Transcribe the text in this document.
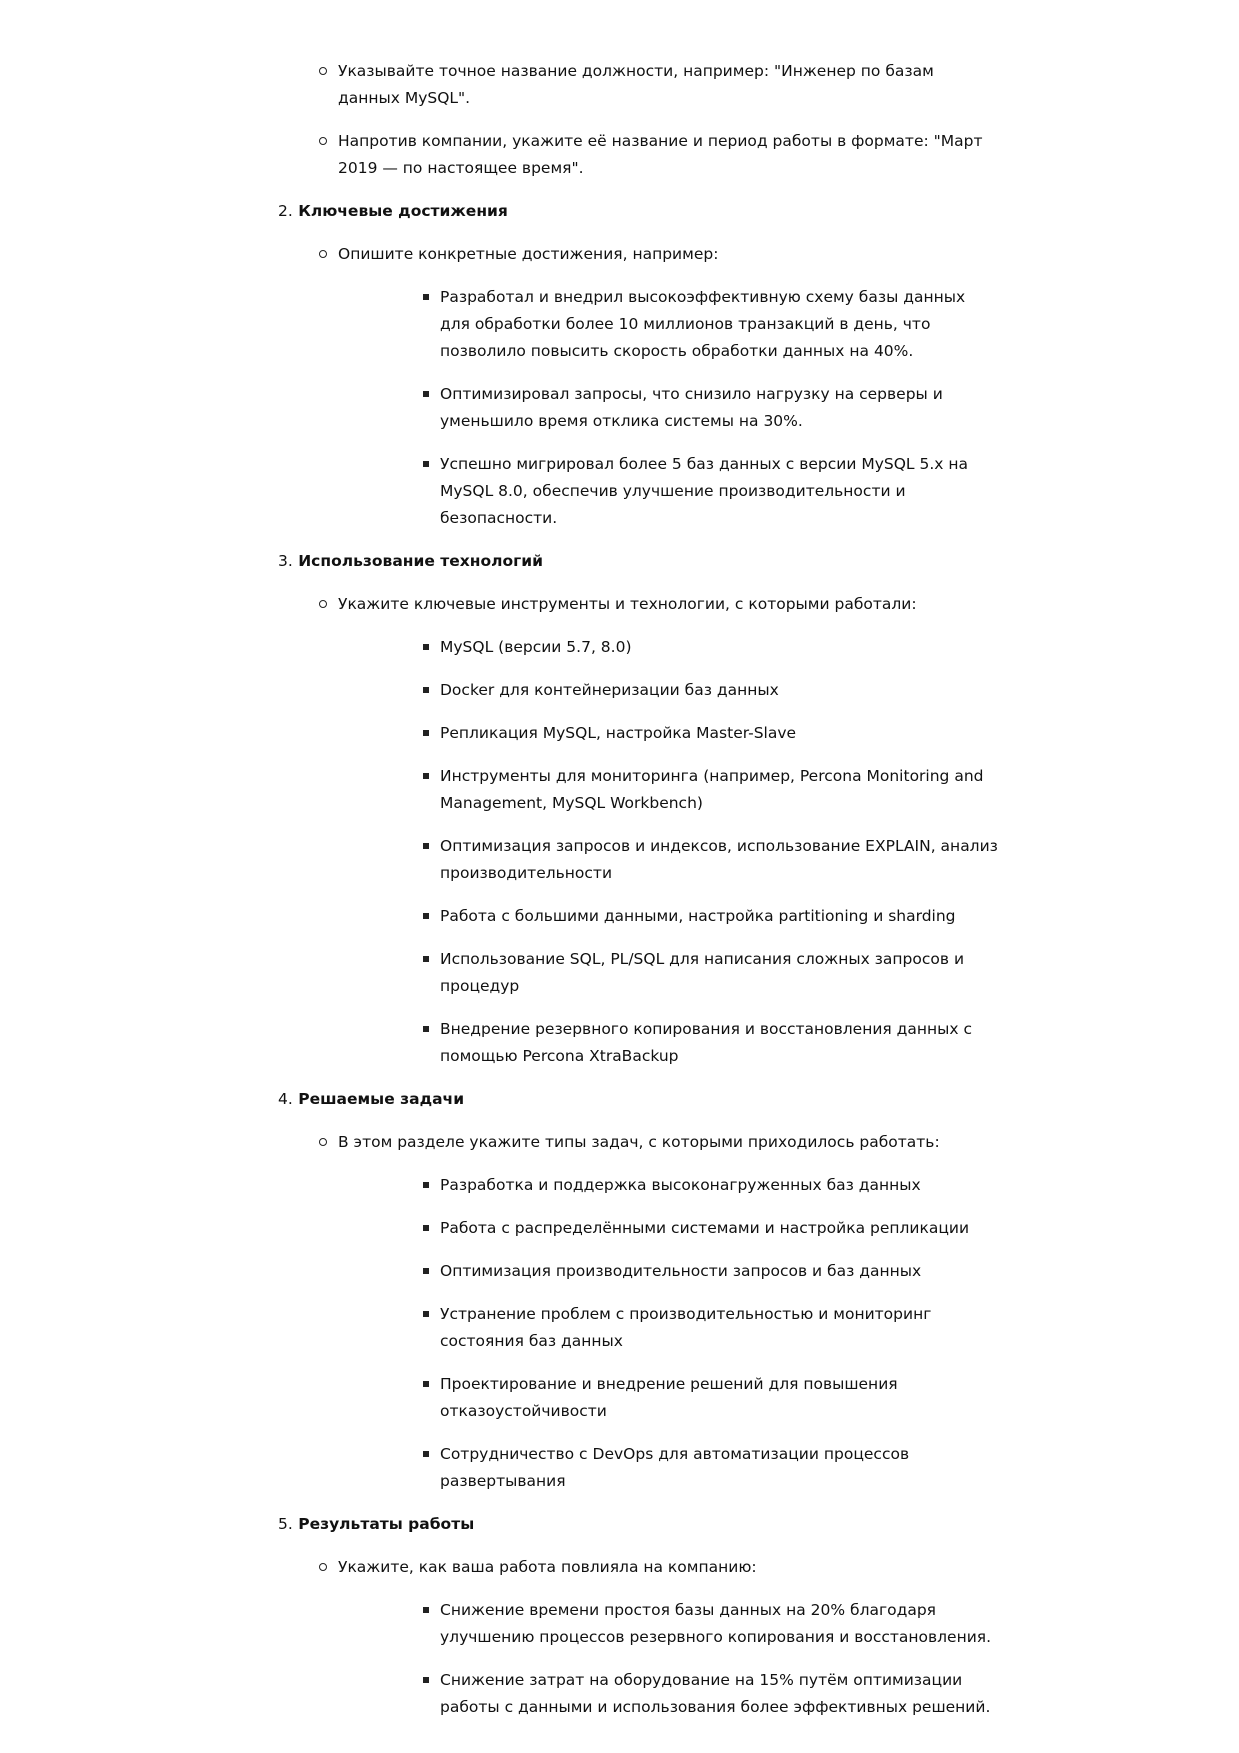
Указывайте точное название должности, например: "Инженер по базам данных MySQL".
Напротив компании, укажите её название и период работы в формате: "Март 2019 — по настоящее время".
2. Ключевые достижения
Опишите конкретные достижения, например:
Разработал и внедрил высокоэффективную схему базы данных для обработки более 10 миллионов транзакций в день, что позволило повысить скорость обработки данных на 40%.
Оптимизировал запросы, что снизило нагрузку на серверы и уменьшило время отклика системы на 30%.
Успешно мигрировал более 5 баз данных с версии MySQL 5.x на MySQL 8.0, обеспечив улучшение производительности и безопасности.
3. Использование технологий
Укажите ключевые инструменты и технологии, с которыми работали:
MySQL (версии 5.7, 8.0)
Docker для контейнеризации баз данных
Репликация MySQL, настройка Master-Slave
Инструменты для мониторинга (например, Percona Monitoring and Management, MySQL Workbench)
Оптимизация запросов и индексов, использование EXPLAIN, анализ производительности
Работа с большими данными, настройка partitioning и sharding
Использование SQL, PL/SQL для написания сложных запросов и процедур
Внедрение резервного копирования и восстановления данных с помощью Percona XtraBackup
4. Решаемые задачи
В этом разделе укажите типы задач, с которыми приходилось работать:
Разработка и поддержка высоконагруженных баз данных
Работа с распределёнными системами и настройка репликации
Оптимизация производительности запросов и баз данных
Устранение проблем с производительностью и мониторинг состояния баз данных
Проектирование и внедрение решений для повышения отказоустойчивости
Сотрудничество с DevOps для автоматизации процессов развертывания
5. Результаты работы
Укажите, как ваша работа повлияла на компанию:
Снижение времени простоя базы данных на 20% благодаря улучшению процессов резервного копирования и восстановления.
Снижение затрат на оборудование на 15% путём оптимизации работы с данными и использования более эффективных решений.
